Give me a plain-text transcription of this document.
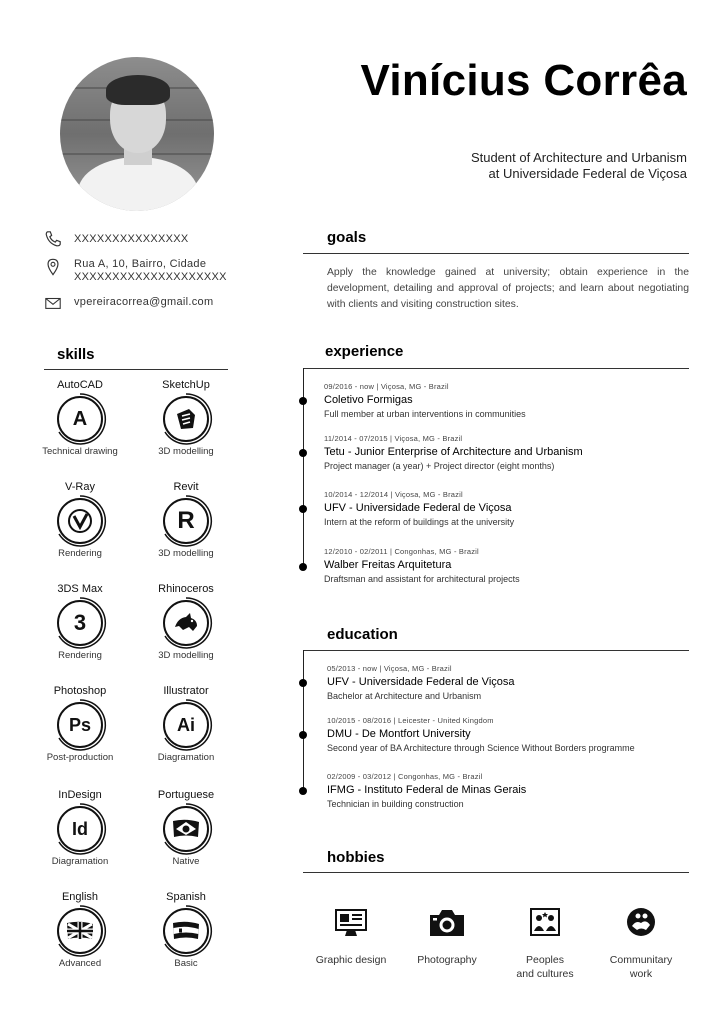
Vinícius Corrêa
Student of Architecture and Urbanism
at Universidade Federal de Viçosa
XXXXXXXXXXXXXXX
Rua A, 10, Bairro, Cidade
XXXXXXXXXXXXXXXXXXXX
vpereiracorrea@gmail.com
goals
Apply the knowledge gained at university; obtain experience in the development, detailing and approval of projects; and learn about negotiating with clients and visiting construction sites.
skills
AutoCAD
A
Technical drawing
SketchUp
3D modelling
V-Ray
Rendering
Revit
R
3D modelling
3DS Max
3
Rendering
Rhinoceros
3D modelling
Photoshop
Ps
Post-production
Illustrator
Ai
Diagramation
InDesign
Id
Diagramation
Portuguese
Native
English
Advanced
Spanish
Basic
experience
09/2016 - now | Viçosa, MG - Brazil
Coletivo Formigas
Full member at urban interventions in communities
11/2014 - 07/2015 | Viçosa, MG - Brazil
Tetu - Junior Enterprise of Architecture and Urbanism
Project manager (a year) + Project director (eight months)
10/2014 - 12/2014 | Viçosa, MG - Brazil
UFV - Universidade Federal de Viçosa
Intern at the reform of buildings at the university
12/2010 - 02/2011 | Congonhas, MG - Brazil
Walber Freitas Arquitetura
Draftsman and assistant for architectural projects
education
05/2013 - now | Viçosa, MG - Brazil
UFV - Universidade Federal de Viçosa
Bachelor at Architecture and Urbanism
10/2015 - 08/2016 | Leicester - United Kingdom
DMU - De Montfort University
Second year of BA Architecture through Science Without Borders programme
02/2009 - 03/2012 | Congonhas, MG - Brazil
IFMG - Instituto Federal de Minas Gerais
Technician in building construction
hobbies
Graphic design	Photography	Peoples
and cultures
Communitary
work
